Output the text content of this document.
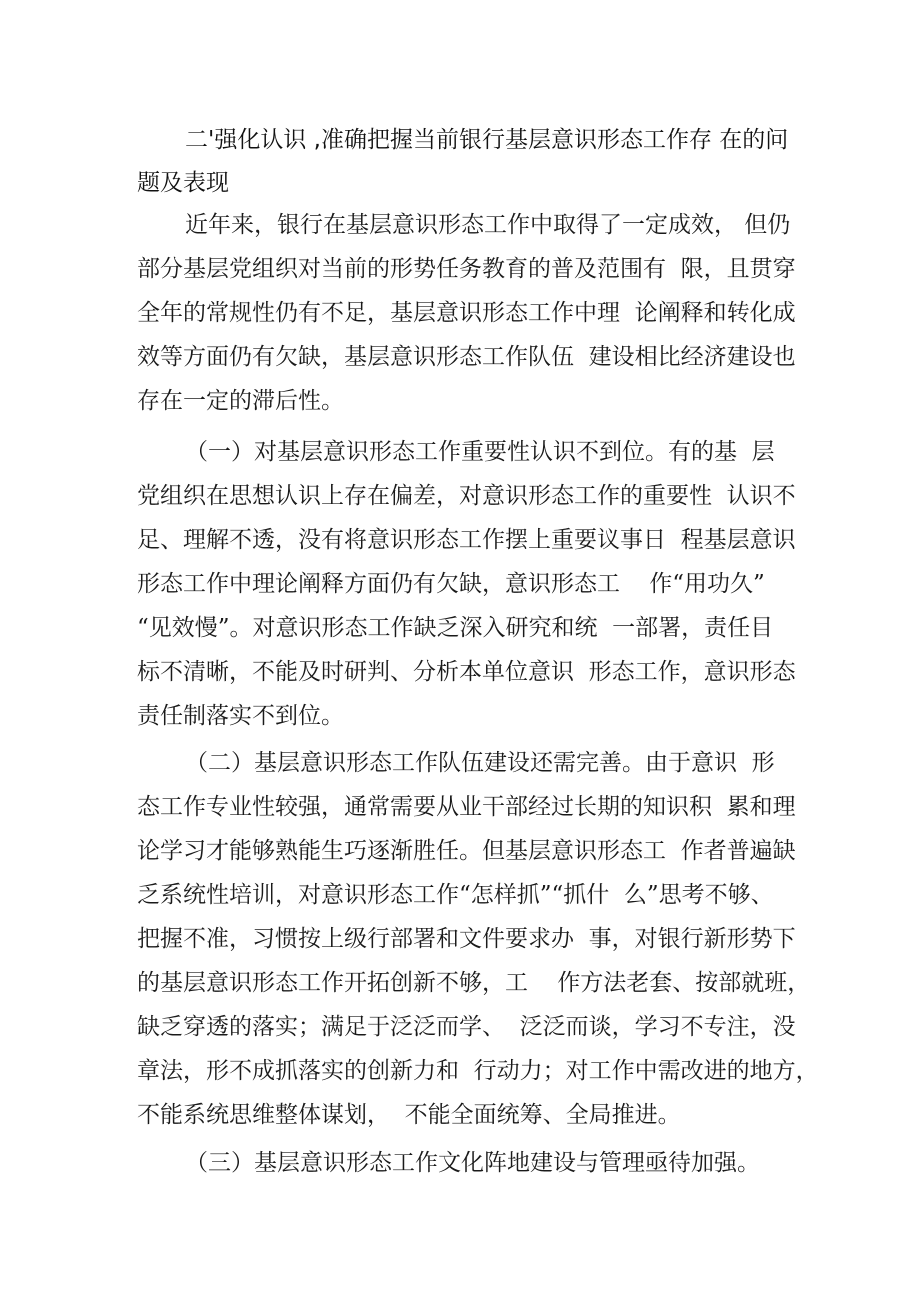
二'强化认识 ,准确把握当前银行基层意识形态工作存 在的问
题及表现
近年来，银行在基层意识形态工作中取得了一定成效， 但仍
部分基层党组织对当前的形势任务教育的普及范围有  限，且贯穿
全年的常规性仍有不足，基层意识形态工作中理  论阐释和转化成
效等方面仍有欠缺，基层意识形态工作队伍  建设相比经济建设也
存在一定的滞后性。
（一）对基层意识形态工作重要性认识不到位。有的基  层
党组织在思想认识上存在偏差，对意识形态工作的重要性  认识不
足、理解不透，没有将意识形态工作摆上重要议事日  程基层意识
形态工作中理论阐释方面仍有欠缺，意识形态工    作“用功久”
“见效慢”。对意识形态工作缺乏深入研究和统  一部署，责任目
标不清晰，不能及时研判、分析本单位意识  形态工作，意识形态
责任制落实不到位。
（二）基层意识形态工作队伍建设还需完善。由于意识  形
态工作专业性较强，通常需要从业干部经过长期的知识积  累和理
论学习才能够熟能生巧逐渐胜任。但基层意识形态工  作者普遍缺
乏系统性培训，对意识形态工作“怎样抓”“抓什  么”思考不够、
把握不准，习惯按上级行部署和文件要求办  事，对银行新形势下
的基层意识形态工作开拓创新不够，工    作方法老套、按部就班，
缺乏穿透的落实；满足于泛泛而学、  泛泛而谈，学习不专注，没
章法，形不成抓落实的创新力和  行动力；对工作中需改进的地方，
不能系统思维整体谋划，  不能全面统筹、全局推进。
（三）基层意识形态工作文化阵地建设与管理亟待加强。
